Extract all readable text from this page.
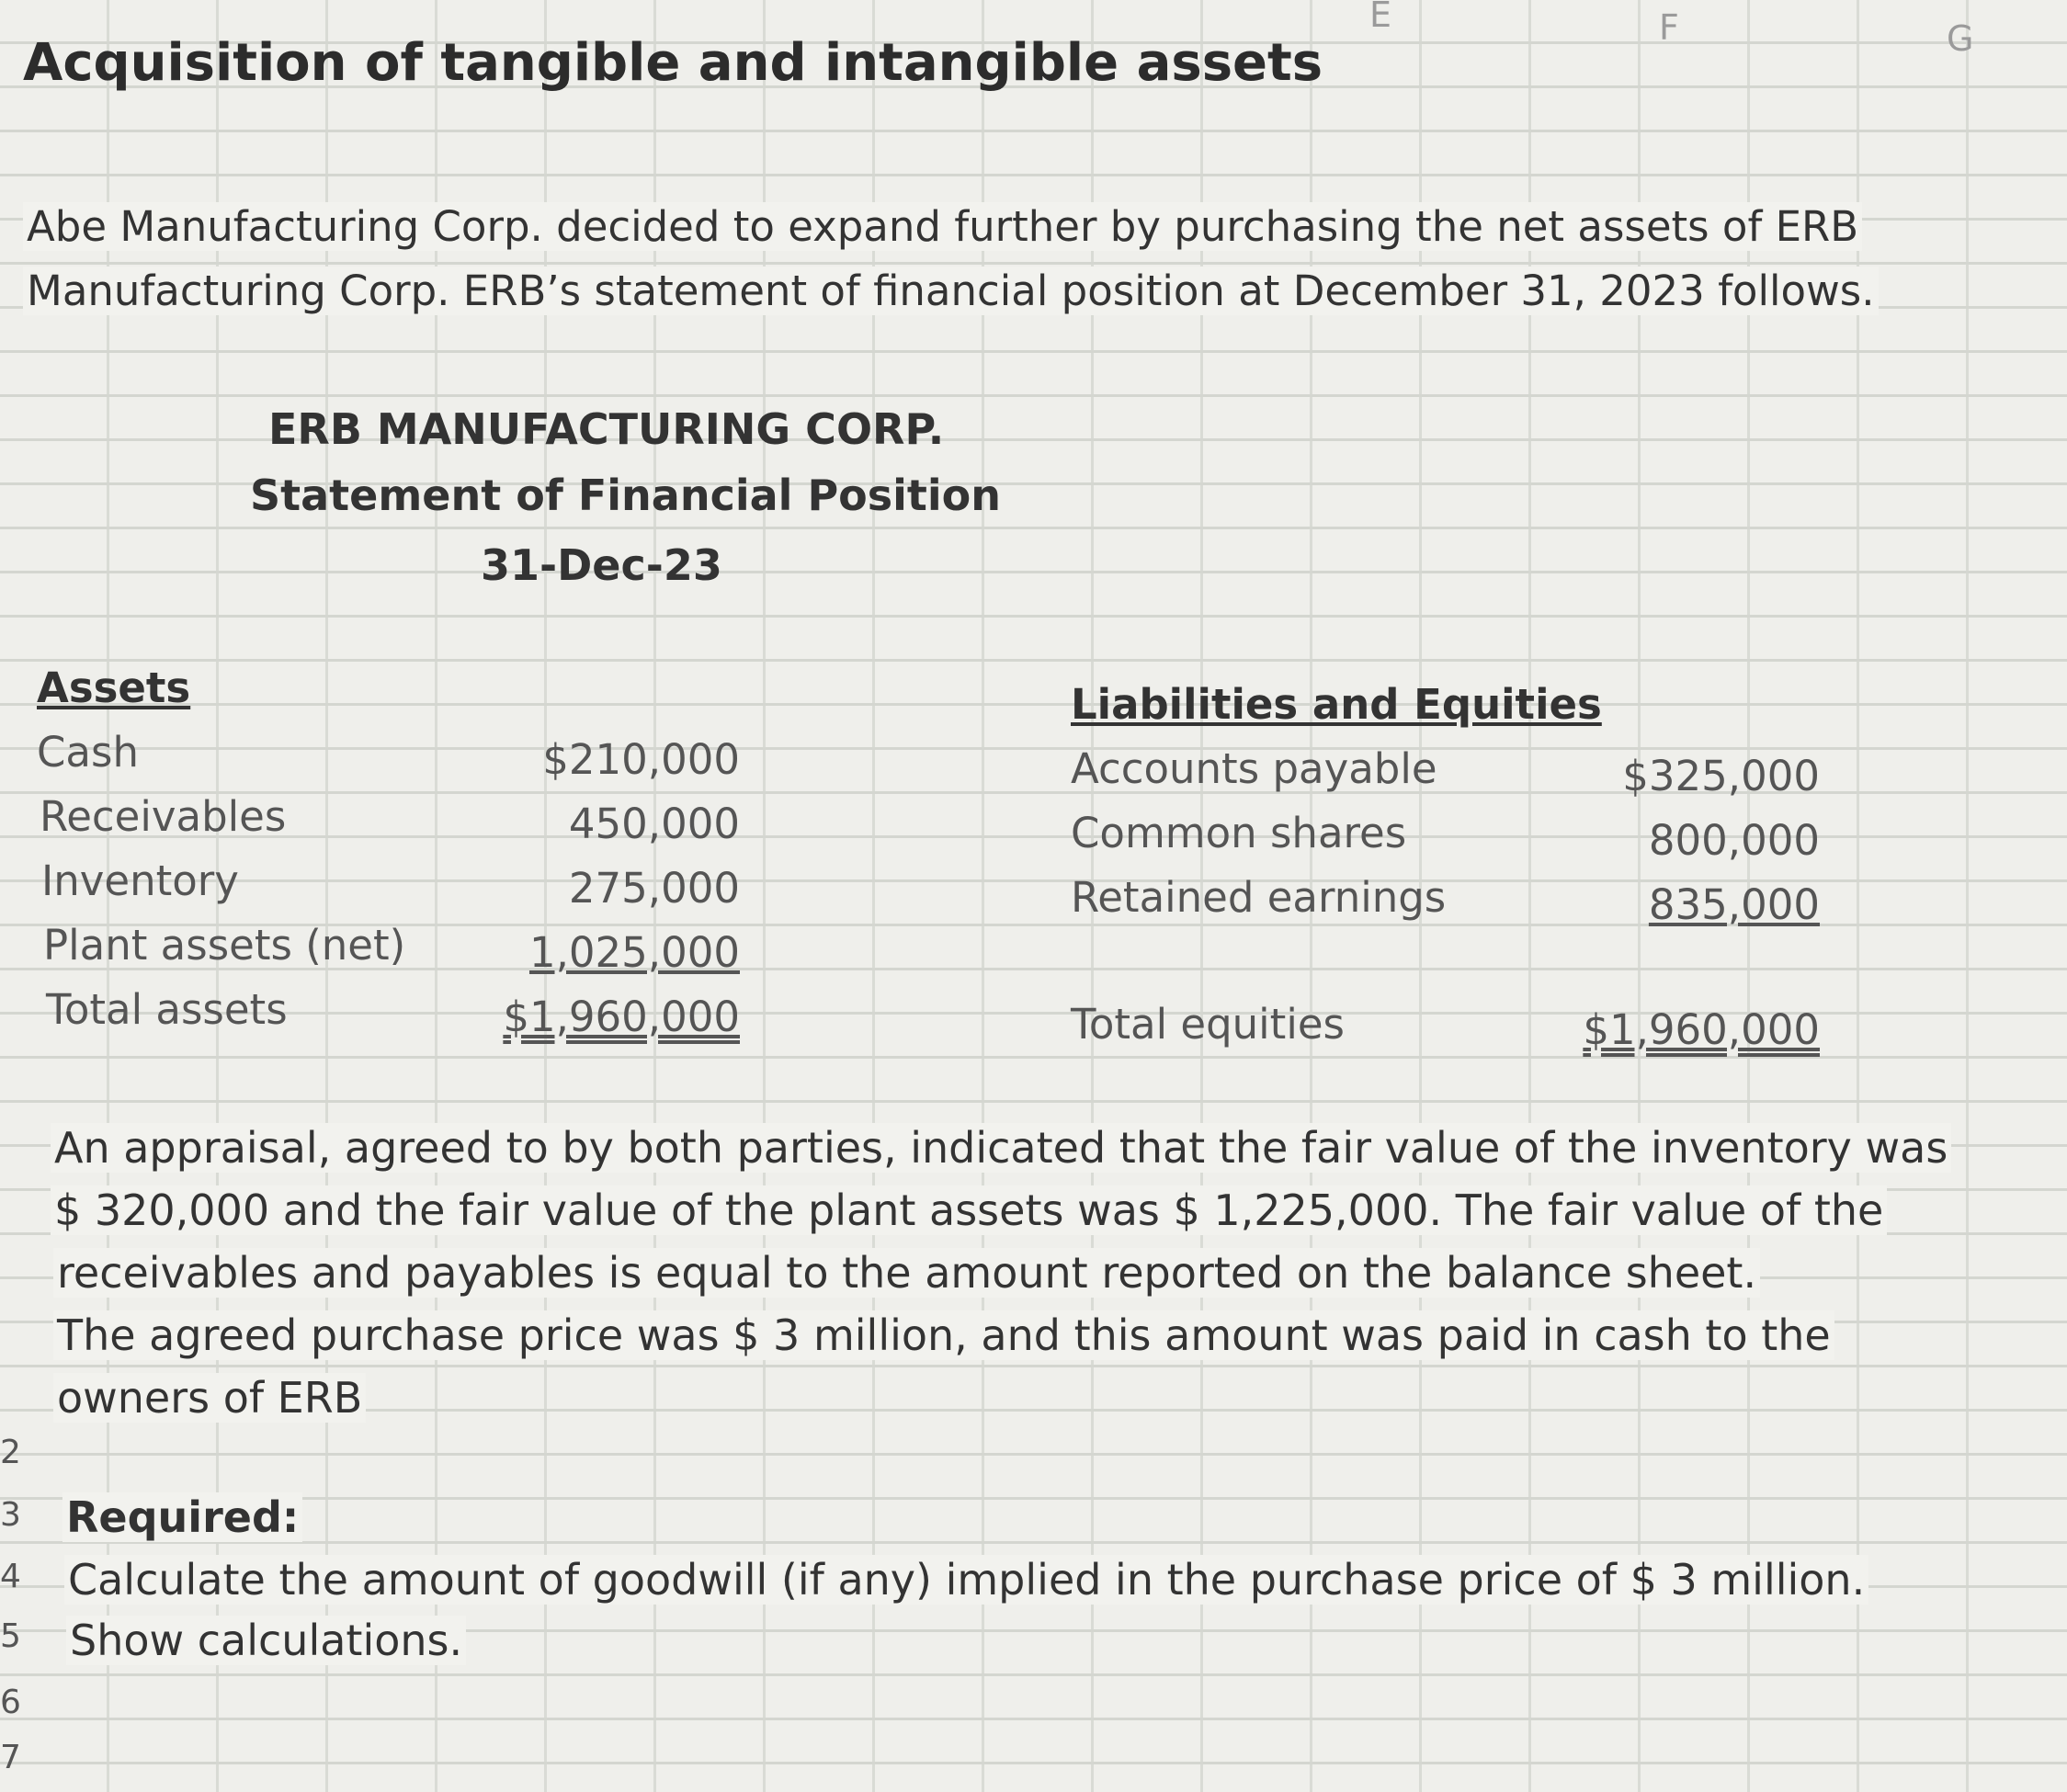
E	F	G
Acquisition of tangible and intangible assets
Abe Manufacturing Corp. decided to expand further by purchasing the net assets of ERB
Manufacturing Corp. ERB’s statement of financial position at December 31, 2023 follows.
ERB MANUFACTURING CORP.
Statement of Financial Position
31-Dec-23
Assets
Cash
Receivables
Inventory
Plant assets (net)
Total assets
$210,000
450,000
275,000
1,025,000
$1,960,000
Liabilities and Equities
Accounts payable
Common shares
Retained earnings
Total equities
$325,000
800,000
835,000
$1,960,000
An appraisal, agreed to by both parties, indicated that the fair value of the inventory was
$ 320,000 and the fair value of the plant assets was $ 1,225,000. The fair value of the
receivables and payables is equal to the amount reported on the balance sheet.
The agreed purchase price was $ 3 million, and this amount was paid in cash to the
owners of ERB
2
3
4
5
6
7
Required:
Calculate the amount of goodwill (if any) implied in the purchase price of $ 3 million.
Show calculations.
